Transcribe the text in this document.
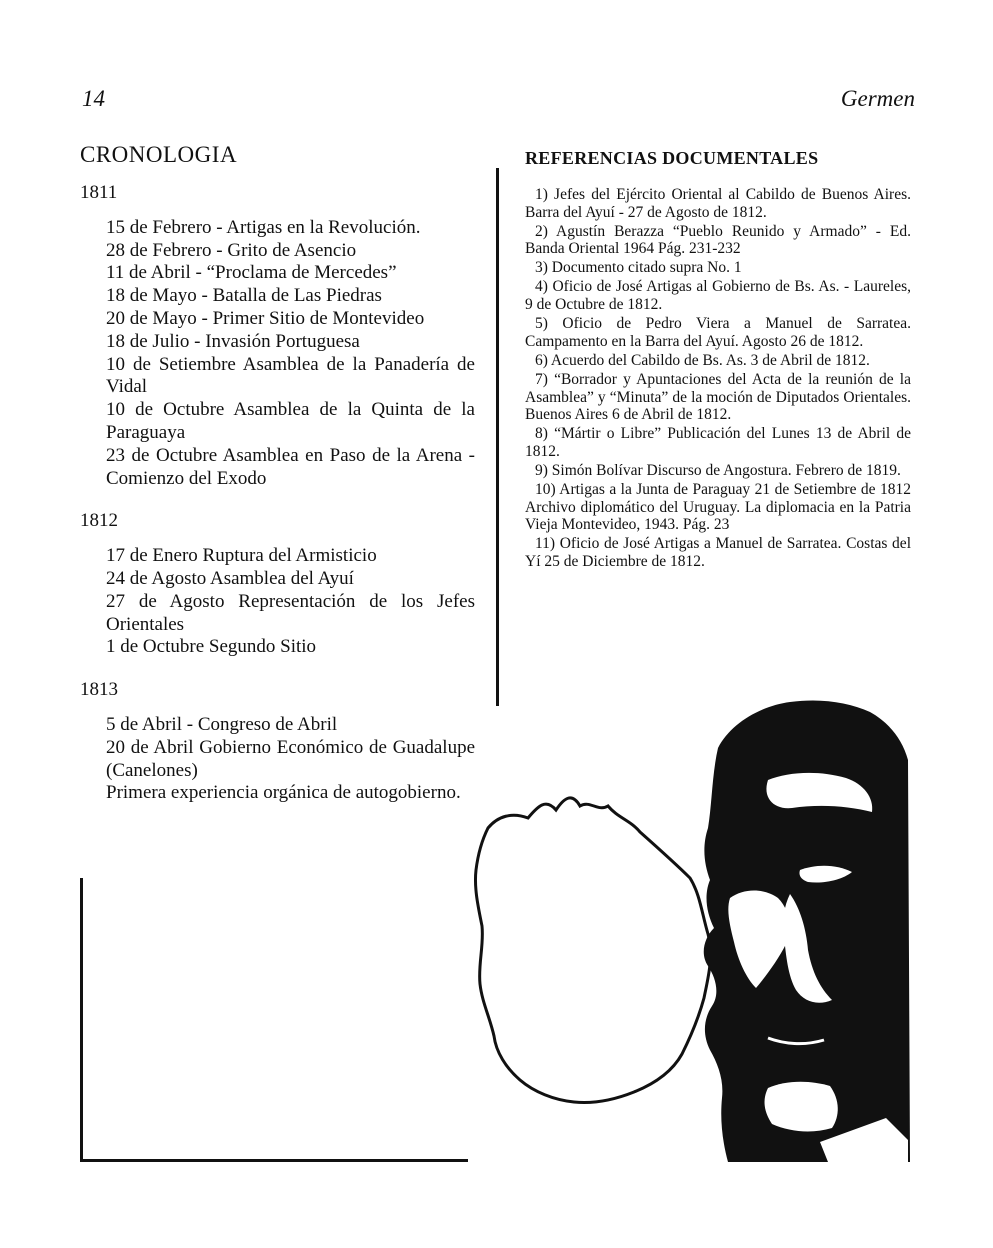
14	Germen
CRONOLOGIA	REFERENCIAS DOCUMENTALES
1811

15 de Febrero - Artigas en la Revolución.

28 de Febrero - Grito de Asencio

11 de Abril - “Proclama de Mercedes”

18 de Mayo - Batalla de Las Piedras

20 de Mayo - Primer Sitio de Montevideo

18 de Julio - Invasión Portuguesa

10 de Setiembre Asamblea de la Panadería de Vidal

10 de Octubre Asamblea de la Quinta de la Paraguaya

23 de Octubre Asamblea en Paso de la Arena - Comienzo del Exodo

1812

17 de Enero Ruptura del Armisticio

24 de Agosto Asamblea del Ayuí

27 de Agosto Representación de los Jefes Orientales

1 de Octubre Segundo Sitio

1813

5 de Abril - Congreso de Abril

20 de Abril Gobierno Económico de Guadalupe (Canelones)

Primera experiencia orgánica de autogobierno.

1) Jefes del Ejército Oriental al Cabildo de Buenos Aires. Barra del Ayuí - 27 de Agosto de 1812.

2) Agustín Berazza “Pueblo Reunido y Armado” - Ed. Banda Oriental 1964 Pág. 231-232

3) Documento citado supra No. 1

4) Oficio de José Artigas al Gobierno de Bs. As. - Laureles, 9 de Octubre de 1812.

5) Oficio de Pedro Viera a Manuel de Sarratea. Campamento en la Barra del Ayuí. Agosto 26 de 1812.

6) Acuerdo del Cabildo de Bs. As. 3 de Abril de 1812.

7) “Borrador y Apuntaciones del Acta de la reunión de la Asamblea” y “Minuta” de la moción de Diputados Orientales. Buenos Aires 6 de Abril de 1812.

8) “Mártir o Libre” Publicación del Lunes 13 de Abril de 1812.

9) Simón Bolívar Discurso de Angostura. Febrero de 1819.

10) Artigas a la Junta de Paraguay 21 de Setiembre de 1812 Archivo diplomático del Uruguay. La diplomacia en la Patria Vieja Montevideo, 1943. Pág. 23

11) Oficio de José Artigas a Manuel de Sarratea. Costas del Yí 25 de Diciembre de 1812.
